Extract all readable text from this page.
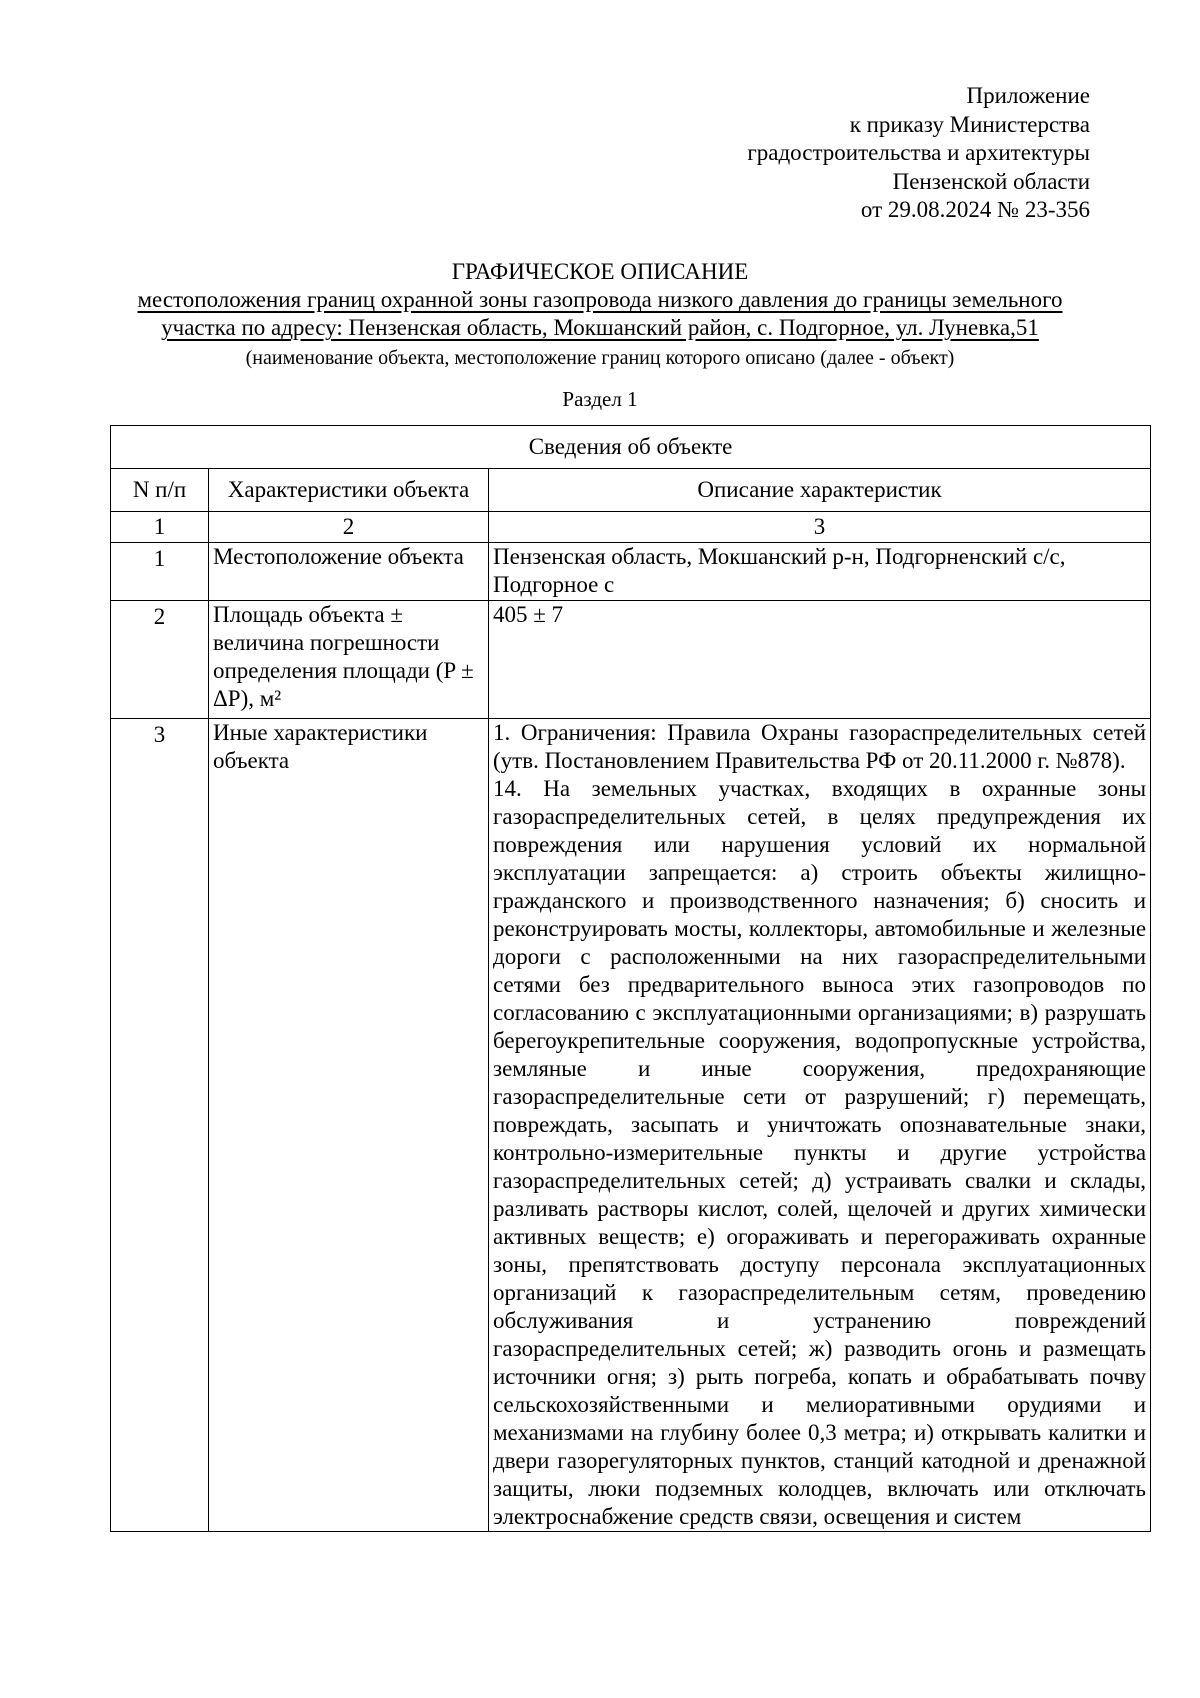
Приложение
к приказу Министерства
градостроительства и архитектуры
Пензенской области
от 29.08.2024 № 23-356
ГРАФИЧЕСКОЕ ОПИСАНИЕ
местоположения границ охранной зоны газопровода низкого давления до границы земельного
участка по адресу: Пензенская область, Мокшанский район, с. Подгорное, ул. Луневка,51
(наименование объекта, местоположение границ которого описано (далее - объект)
Раздел 1
Сведения об объекте		
N п/п	Характеристики объекта	Описание характеристик
1	2	3
1	Местоположение объекта	Пензенская область, Мокшанский р-н, Подгорненский с/с, Подгорное с
2	Площадь объекта ± величина погрешности определения площади (P ± ΔP), м²	405 ± 7
3	Иные характеристики объекта	1. Ограничения: Правила Охраны газораспределительных сетей (утв. Постановлением Правительства РФ от 20.11.2000 г. №878).

14. На земельных участках, входящих в охранные зоны газораспределительных сетей, в целях предупреждения их повреждения или нарушения условий их нормальной эксплуатации запрещается: а) строить объекты жилищно-гражданского и производственного назначения; б) сносить и реконструировать мосты, коллекторы, автомобильные и железные дороги с расположенными на них газораспределительными сетями без предварительного выноса этих газопроводов по согласованию с эксплуатационными организациями; в) разрушать берегоукрепительные сооружения, водопропускные устройства, земляные и иные сооружения, предохраняющие газораспределительные сети от разрушений; г) перемещать, повреждать, засыпать и уничтожать опознавательные знаки, контрольно-измерительные пункты и другие устройства газораспределительных сетей; д) устраивать свалки и склады, разливать растворы кислот, солей, щелочей и других химически активных веществ; е) огораживать и перегораживать охранные зоны, препятствовать доступу персонала эксплуатационных организаций к газораспределительным сетям, проведению обслуживания и устранению повреждений газораспределительных сетей; ж) разводить огонь и размещать источники огня; з) рыть погреба, копать и обрабатывать почву сельскохозяйственными и мелиоративными орудиями и механизмами на глубину более 0,3 метра; и) открывать калитки и двери газорегуляторных пунктов, станций катодной и дренажной защиты, люки подземных колодцев, включать или отключать электроснабжение средств связи, освещения и систем
